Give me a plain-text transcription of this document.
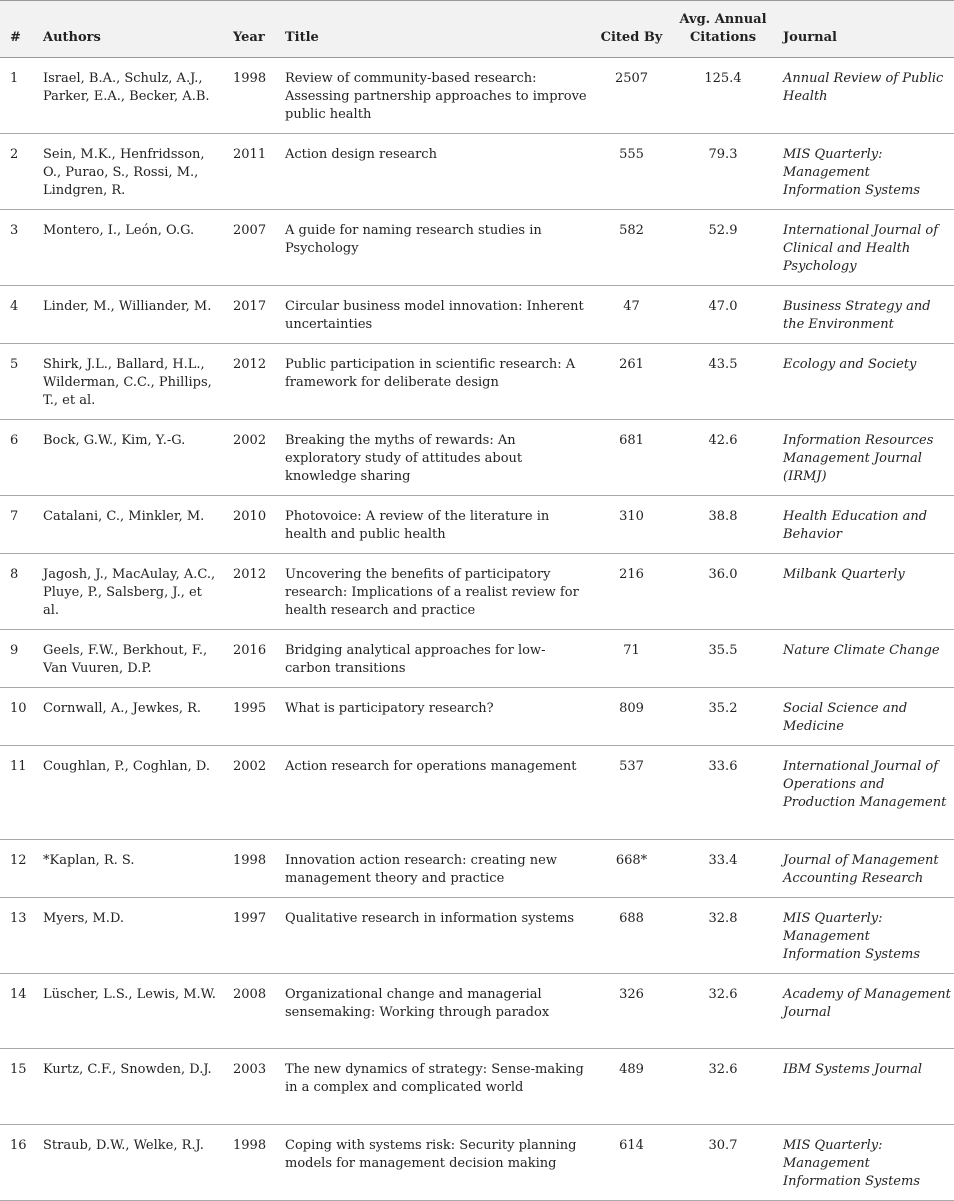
#	Authors	Year	Title	Cited By	Avg. Annual Citations	Journal
1	Israel, B.A., Schulz, A.J., Parker, E.A., Becker, A.B.	1998	Review of community-based research: Assessing partnership approaches to improve public health	2507	125.4	Annual Review of Public Health
2	Sein, M.K., Henfridsson, O., Purao, S., Rossi, M., Lindgren, R.	2011	Action design research	555	79.3	MIS Quarterly: Management Information Systems
3	Montero, I., León, O.G.	2007	A guide for naming research studies in Psychology	582	52.9	International Journal of Clinical and Health Psychology
4	Linder, M., Williander, M.	2017	Circular business model innovation: Inherent uncertainties	47	47.0	Business Strategy and the Environment
5	Shirk, J.L., Ballard, H.L., Wilderman, C.C., Phillips, T., et al.	2012	Public participation in scientific research: A framework for deliberate design	261	43.5	Ecology and Society
6	Bock, G.W., Kim, Y.-G.	2002	Breaking the myths of rewards: An exploratory study of attitudes about knowledge sharing	681	42.6	Information Resources Management Journal (IRMJ)
7	Catalani, C., Minkler, M.	2010	Photovoice: A review of the literature in health and public health	310	38.8	Health Education and Behavior
8	Jagosh, J., MacAulay, A.C., Pluye, P., Salsberg, J., et al.	2012	Uncovering the benefits of participatory research: Implications of a realist review for health research and practice	216	36.0	Milbank Quarterly
9	Geels, F.W., Berkhout, F., Van Vuuren, D.P.	2016	Bridging analytical approaches for low-carbon transitions	71	35.5	Nature Climate Change
10	Cornwall, A., Jewkes, R.	1995	What is participatory research?	809	35.2	Social Science and Medicine
11	Coughlan, P., Coghlan, D.	2002	Action research for operations management	537	33.6	International Journal of Operations and Production Management
12	*Kaplan, R. S.	1998	Innovation action research: creating new management theory and practice	668*	33.4	Journal of Management Accounting Research
13	Myers, M.D.	1997	Qualitative research in information systems	688	32.8	MIS Quarterly: Management Information Systems
14	Lüscher, L.S., Lewis, M.W.	2008	Organizational change and managerial sensemaking: Working through paradox	326	32.6	Academy of Management Journal
15	Kurtz, C.F., Snowden, D.J.	2003	The new dynamics of strategy: Sense-making in a complex and complicated world	489	32.6	IBM Systems Journal
16	Straub, D.W., Welke, R.J.	1998	Coping with systems risk: Security planning models for management decision making	614	30.7	MIS Quarterly: Management Information Systems
